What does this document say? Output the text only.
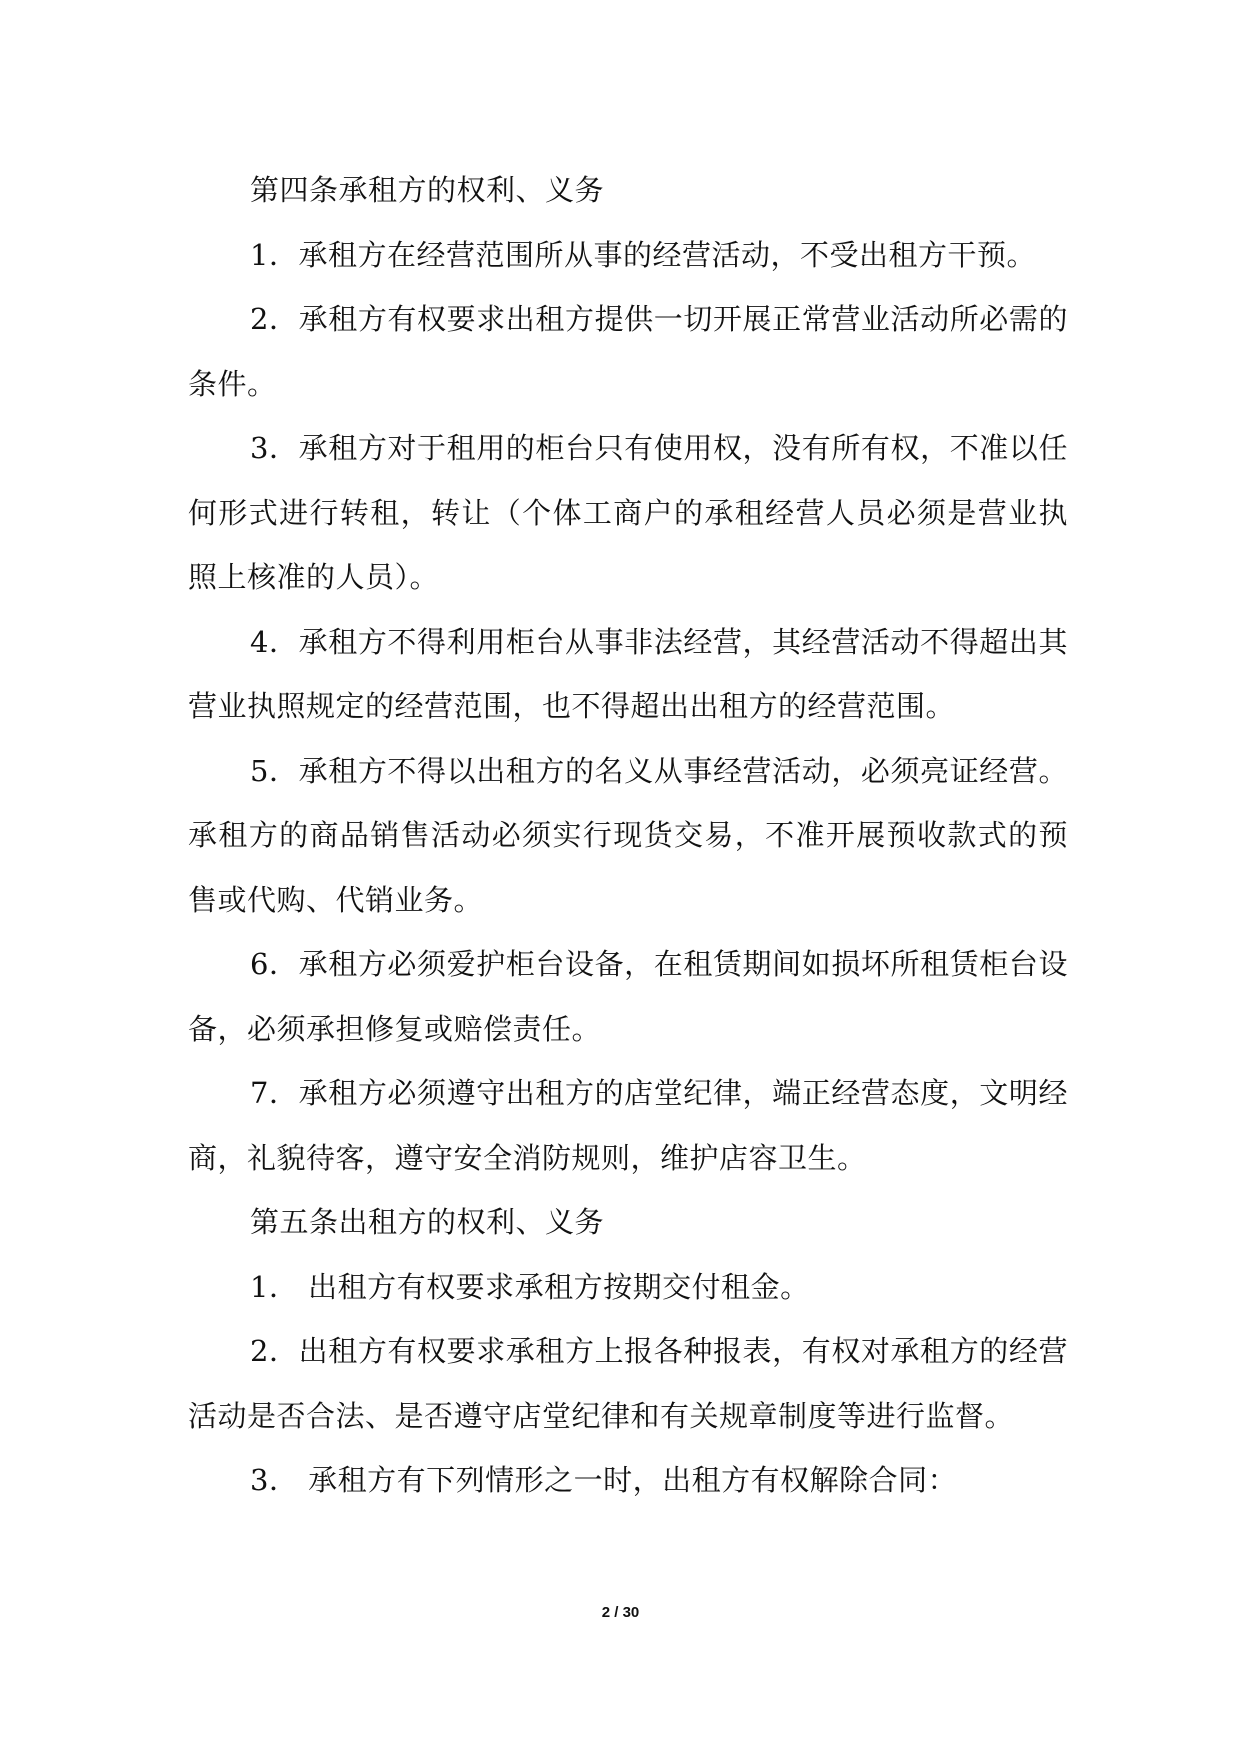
第四条承租方的权利、义务

1．承租方在经营范围所从事的经营活动，不受出租方干预。

2．承租方有权要求出租方提供一切开展正常营业活动所必需的条件。

3．承租方对于租用的柜台只有使用权，没有所有权，不准以任何形式进行转租，转让（个体工商户的承租经营人员必须是营业执照上核准的人员）。

4．承租方不得利用柜台从事非法经营，其经营活动不得超出其营业执照规定的经营范围，也不得超出出租方的经营范围。

5．承租方不得以出租方的名义从事经营活动，必须亮证经营。承租方的商品销售活动必须实行现货交易，不准开展预收款式的预售或代购、代销业务。

6．承租方必须爱护柜台设备，在租赁期间如损坏所租赁柜台设备，必须承担修复或赔偿责任。

7．承租方必须遵守出租方的店堂纪律，端正经营态度，文明经商，礼貌待客，遵守安全消防规则，维护店容卫生。

第五条出租方的权利、义务

1． 出租方有权要求承租方按期交付租金。

2．出租方有权要求承租方上报各种报表，有权对承租方的经营活动是否合法、是否遵守店堂纪律和有关规章制度等进行监督。

3． 承租方有下列情形之一时，出租方有权解除合同：

2 / 30
